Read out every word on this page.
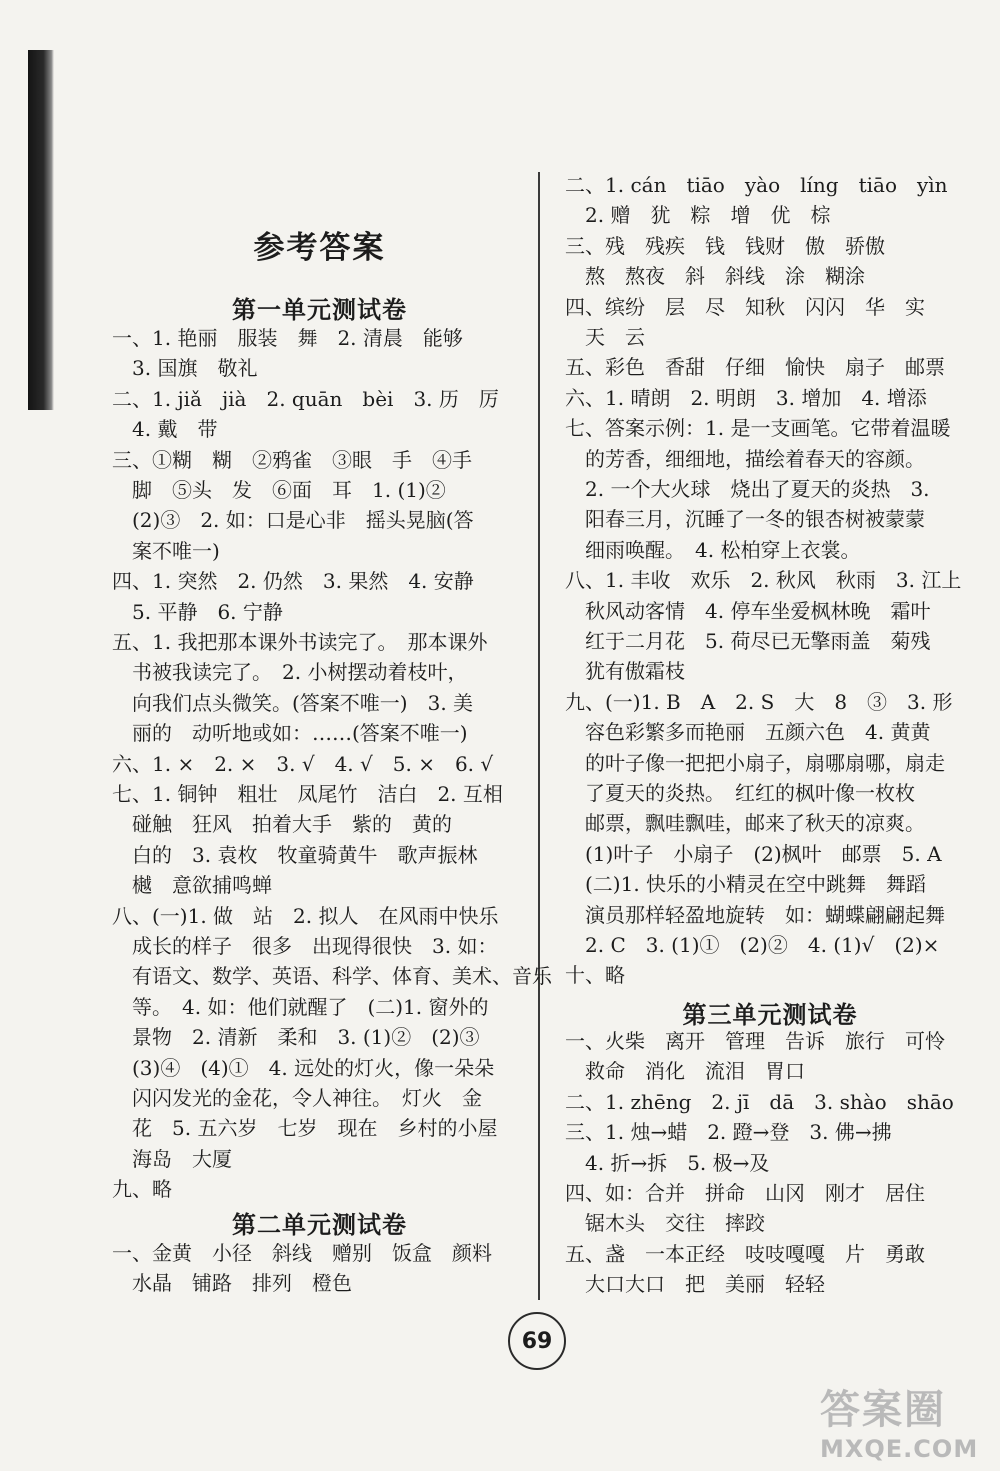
参考答案
第一单元测试卷
一、1. 艳丽　服装　舞　2. 清晨　能够
　3. 国旗　敬礼
二、1. jiǎ　jià　2. quān　bèi　3. 历　厉
　4. 戴　带
三、①糊　糊　②鸦雀　③眼　手　④手
　脚　⑤头　发　⑥面　耳　1. (1)②
　(2)③　2. 如：口是心非　摇头晃脑(答
　案不唯一)
四、1. 突然　2. 仍然　3. 果然　4. 安静
　5. 平静　6. 宁静
五、1. 我把那本课外书读完了。　那本课外
　书被我读完了。　2. 小树摆动着枝叶，
　向我们点头微笑。(答案不唯一)　3. 美
　丽的　动听地或如：……(答案不唯一)
六、1. ×　2. ×　3. √　4. √　5. ×　6. √
七、1. 铜钟　粗壮　凤尾竹　洁白　2. 互相
　碰触　狂风　拍着大手　紫的　黄的
　白的　3. 袁枚　牧童骑黄牛　歌声振林
　樾　意欲捕鸣蝉
八、(一)1. 做　站　2. 拟人　在风雨中快乐
　成长的样子　很多　出现得很快　3. 如：
　有语文、数学、英语、科学、体育、美术、音乐
　等。　4. 如：他们就醒了　(二)1. 窗外的
　景物　2. 清新　柔和　3. (1)②　(2)③
　(3)④　(4)①　4. 远处的灯火，像一朵朵
　闪闪发光的金花，令人神往。　灯火　金
　花　5. 五六岁　七岁　现在　乡村的小屋
　海岛　大厦
九、略
第二单元测试卷
一、金黄　小径　斜线　赠别　饭盒　颜料
　水晶　铺路　排列　橙色
二、1. cán　tiāo　yào　líng　tiāo　yìn
　2. 赠　犹　粽　增　优　棕
三、残　残疾　钱　钱财　傲　骄傲
　熬　熬夜　斜　斜线　涂　糊涂
四、缤纷　层　尽　知秋　闪闪　华　实
　天　云
五、彩色　香甜　仔细　愉快　扇子　邮票
六、1. 晴朗　2. 明朗　3. 增加　4. 增添
七、答案示例：1. 是一支画笔。它带着温暖
　的芳香，细细地，描绘着春天的容颜。
　2. 一个大火球　烧出了夏天的炎热　3.
　阳春三月，沉睡了一冬的银杏树被蒙蒙
　细雨唤醒。　4. 松柏穿上衣裳。
八、1. 丰收　欢乐　2. 秋风　秋雨　3. 江上
　秋风动客情　4. 停车坐爱枫林晚　霜叶
　红于二月花　5. 荷尽已无擎雨盖　菊残
　犹有傲霜枝
九、(一)1. B　A　2. S　大　8　③　3. 形
　容色彩繁多而艳丽　五颜六色　4. 黄黄
　的叶子像一把把小扇子，扇哪扇哪，扇走
　了夏天的炎热。　红红的枫叶像一枚枚
　邮票，飘哇飘哇，邮来了秋天的凉爽。
　(1)叶子　小扇子　(2)枫叶　邮票　5. A
　(二)1. 快乐的小精灵在空中跳舞　舞蹈
　演员那样轻盈地旋转　如：蝴蝶翩翩起舞
　2. C　3. (1)①　(2)②　4. (1)√　(2)×
十、略
第三单元测试卷
一、火柴　离开　管理　告诉　旅行　可怜
　救命　消化　流泪　胃口
二、1. zhēng　2. jī　dā　3. shào　shāo
三、1. 烛→蜡　2. 蹬→登　3. 佛→拂
　4. 折→拆　5. 极→及
四、如：合并　拼命　山冈　刚才　居住
　锯木头　交往　摔跤
五、盏　一本正经　吱吱嘎嘎　片　勇敢
　大口大口　把　美丽　轻轻
69
答案圈
MXQE.COM
